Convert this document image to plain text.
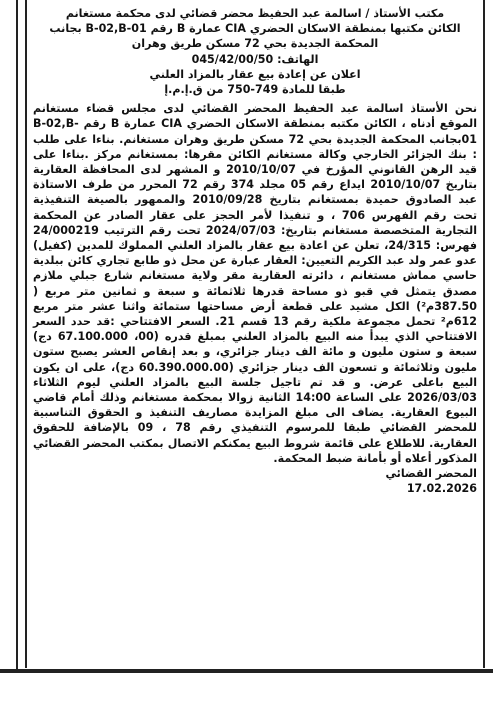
مكتب الأستاذ / اسالمة عبد الحفيظ محضر قضائي لدى محكمة مستغانم

الكائن مكتبها بمنطقة الاسكان الحضري CIA عمارة B رقم B-02,B-01 بجانب

المحكمة الجديدة بحي 72 مسكن طريق وهران

الهاتف: 045/42/00/50

اعلان عن إعادة بيع عقار بالمزاد العلني

طبقا للمادة 749-750 من ق.إ.م.إ

نحن الأستاذ اسالمة عبد الحفيظ المحضر القضائي لدى مجلس قضاء مستغانم الموقع أدناه ، الكائن مكتبه بمنطقة الاسكان الحضري CIA عمارة B رقم B-02,B-01بجانب المحكمة الجديدة بحي 72 مسكن طريق وهران مستغانم. بناءا على طلب : بنك الجزائر الخارجي وكالة مستغانم الكائن مقرها: بمستغانم مركز .بناءا على قيد الرهن القانوني المؤرخ في 2010/10/07 و المشهر لدى المحافظة العقارية بتاريخ 2010/10/07 ايداع رقم 05 مجلد 374 رقم 72 المحرر من طرف الاستاذة عبد الصادوق حميدة بمستغانم بتاريخ 2010/09/28 والممهور بالصيغة التنفيذية تحت رقم الفهرس 706 ، و تنفيذا لأمر الحجز على عقار الصادر عن المحكمة التجارية المتخصصة مستغانم بتاريخ: 2024/07/03 تحت رقم الترتيب 24/000219 فهرس: 24/315، تعلن عن اعادة بيع عقار بالمزاد العلني المملوك للمدين (كفيل) عدو عمر ولد عبد الكريم التعيين: العقار عبارة عن محل ذو طابع تجاري كائن ببلدية حاسي مماش مستغانم ، دائرته العقارية مقر ولاية مستغانم شارع جبلي ملازم مصدق يتمثل في قبو ذو مساحة قدرها ثلاثمائة و سبعة و ثمانين متر مربع ( 387.50م²) الكل مشيد على قطعة أرض مساحتها ستمائة واثنا عشر متر مربع 612م² تحمل مجموعة ملكية رقم 13 قسم 21. السعر الافتتاحي :قد حدد السعر الافتتاحي الذي يبدأ منه البيع بالمزاد العلني بمبلغ قدره (00، 67.100.000 دج) سبعة و ستون مليون و مائة الف دينار جزائري، و بعد إنقاص العشر يصبح ستون مليون وثلاثمائة و تسعون الف دينار جزائري (60.390.000.00 دج)، على ان يكون البيع باعلى عرض. و قد تم تاجيل جلسة البيع بالمزاد العلني ليوم الثلاثاء 2026/03/03 على الساعة 14:00 الثانية زوالا بمحكمة مستغانم وذلك أمام قاضي البيوع العقارية. يضاف الى مبلغ المزايدة مصاريف التنفيذ و الحقوق التناسبية للمحضر القضائي طبقا للمرسوم التنفيذي رقم 78 ، 09 بالإضافة للحقوق العقارية. للاطلاع على قائمة شروط البيع يمكنكم الاتصال بمكتب المحضر القضائي المذكور أعلاه أو بأمانة ضبط المحكمة.

المحضر القضائي

17.02.2026
